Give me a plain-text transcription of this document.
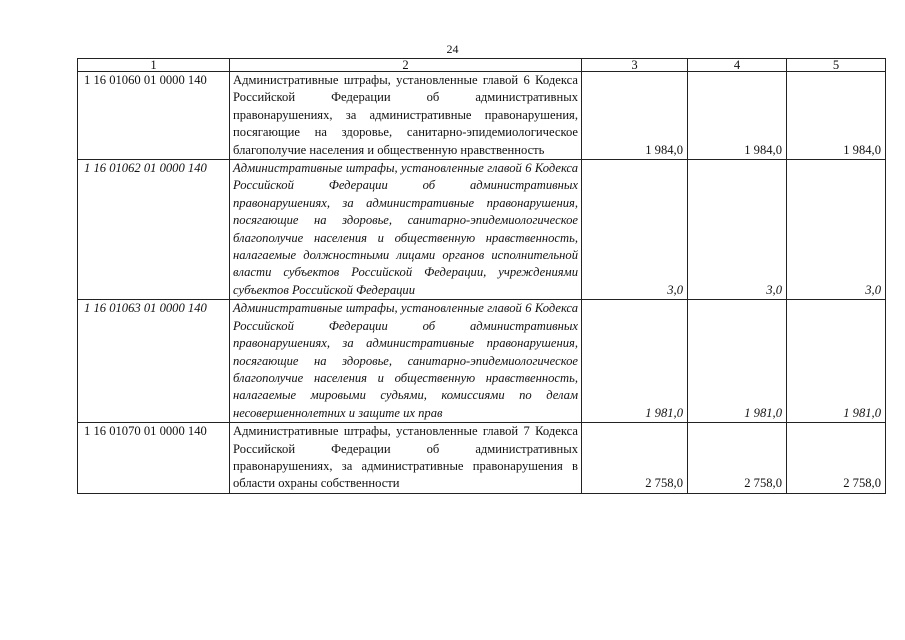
24
1	2	3	4	5
1 16 01060 01 0000 140	Административные штрафы, установленные главой 6 Кодекса Российской Федерации об административных правонарушениях, за административные правонарушения, посягающие на здоровье, санитарно-эпидемиологическое благополучие населения и общественную нравственность	1 984,0	1 984,0	1 984,0
1 16 01062 01 0000 140	Административные штрафы, установленные главой 6 Кодекса Российской Федерации об административных правонарушениях, за административные правонарушения, посягающие на здоровье, санитарно-эпидемиологическое благополучие населения и общественную нравственность, налагаемые должностными лицами органов исполнительной власти субъектов Российской Федерации, учреждениями субъектов Российской Федерации	3,0	3,0	3,0
1 16 01063 01 0000 140	Административные штрафы, установленные главой 6 Кодекса Российской Федерации об административных правонарушениях, за административные правонарушения, посягающие на здоровье, санитарно-эпидемиологическое благополучие населения и общественную нравственность, налагаемые мировыми судьями, комиссиями по делам несовершеннолетних и защите их прав	1 981,0	1 981,0	1 981,0
1 16 01070 01 0000 140	Административные штрафы, установленные главой 7 Кодекса Российской Федерации об административных правонарушениях, за административные правонарушения в области охраны собственности	2 758,0	2 758,0	2 758,0
